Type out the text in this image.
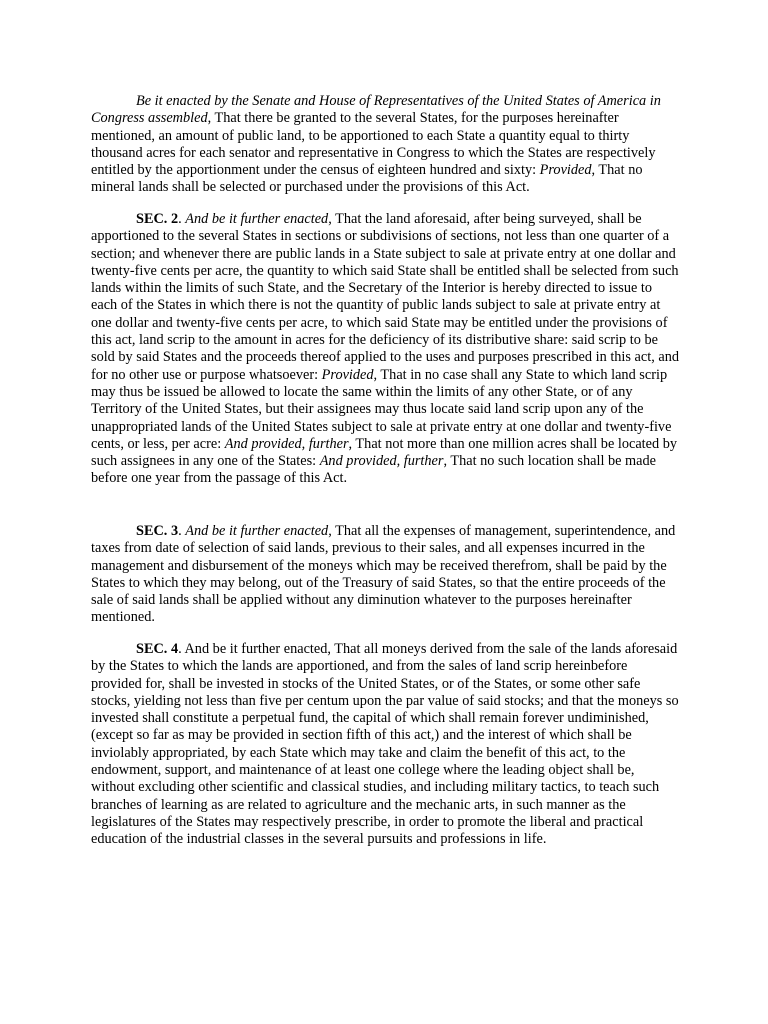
Be it enacted by the Senate and House of Representatives of the United States of America in Congress assembled, That there be granted to the several States, for the purposes hereinafter mentioned, an amount of public land, to be apportioned to each State a quantity equal to thirty thousand acres for each senator and representative in Congress to which the States are respectively entitled by the apportionment under the census of eighteen hundred and sixty: Provided, That no mineral lands shall be selected or purchased under the provisions of this Act.

SEC. 2. And be it further enacted, That the land aforesaid, after being surveyed, shall be apportioned to the several States in sections or subdivisions of sections, not less than one quarter of a section; and whenever there are public lands in a State subject to sale at private entry at one dollar and twenty-five cents per acre, the quantity to which said State shall be entitled shall be selected from such lands within the limits of such State, and the Secretary of the Interior is hereby directed to issue to each of the States in which there is not the quantity of public lands subject to sale at private entry at one dollar and twenty-five cents per acre, to which said State may be entitled under the provisions of this act, land scrip to the amount in acres for the deficiency of its distributive share: said scrip to be sold by said States and the proceeds thereof applied to the uses and purposes prescribed in this act, and for no other use or purpose whatsoever: Provided, That in no case shall any State to which land scrip may thus be issued be allowed to locate the same within the limits of any other State, or of any Territory of the United States, but their assignees may thus locate said land scrip upon any of the unappropriated lands of the United States subject to sale at private entry at one dollar and twenty-five cents, or less, per acre: And provided, further, That not more than one million acres shall be located by such assignees in any one of the States: And provided, further, That no such location shall be made before one year from the passage of this Act.

SEC. 3. And be it further enacted, That all the expenses of management, superintendence, and taxes from date of selection of said lands, previous to their sales, and all expenses incurred in the management and disbursement of the moneys which may be received therefrom, shall be paid by the States to which they may belong, out of the Treasury of said States, so that the entire proceeds of the sale of said lands shall be applied without any diminution whatever to the purposes hereinafter mentioned.

SEC. 4. And be it further enacted, That all moneys derived from the sale of the lands aforesaid by the States to which the lands are apportioned, and from the sales of land scrip hereinbefore provided for, shall be invested in stocks of the United States, or of the States, or some other safe stocks, yielding not less than five per centum upon the par value of said stocks; and that the moneys so invested shall constitute a perpetual fund, the capital of which shall remain forever undiminished, (except so far as may be provided in section fifth of this act,) and the interest of which shall be inviolably appropriated, by each State which may take and claim the benefit of this act, to the endowment, support, and maintenance of at least one college where the leading object shall be, without excluding other scientific and classical studies, and including military tactics, to teach such branches of learning as are related to agriculture and the mechanic arts, in such manner as the legislatures of the States may respectively prescribe, in order to promote the liberal and practical education of the industrial classes in the several pursuits and professions in life.
